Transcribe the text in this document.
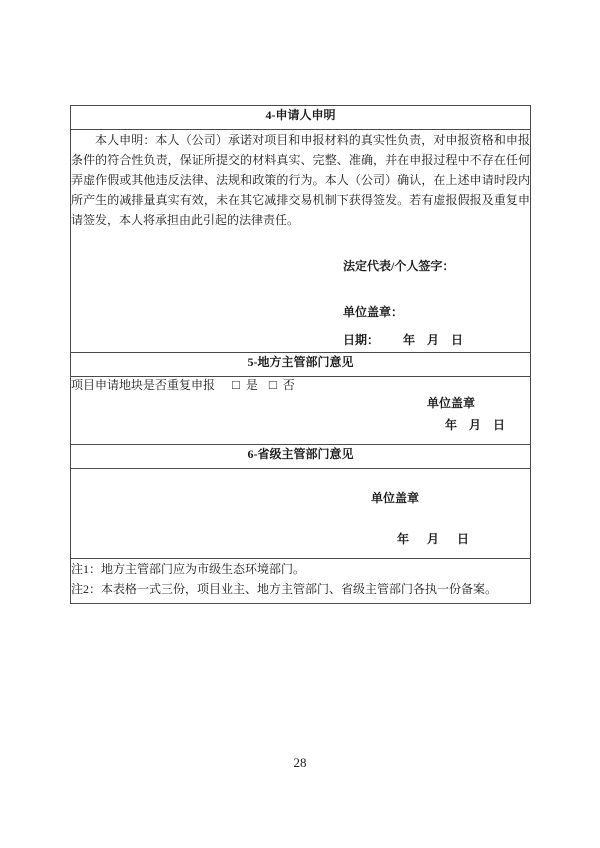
4-申请人申明

本人申明：本人（公司）承诺对项目和申报材料的真实性负责，对申报资格和申报条件的符合性负责，保证所提交的材料真实、完整、准确，并在申报过程中不存在任何弄虚作假或其他违反法律、法规和政策的行为。本人（公司）确认，在上述申请时段内所产生的减排量真实有效，未在其它减排交易机制下获得签发。若有虚报假报及重复申请签发，本人将承担由此引起的法律责任。

法定代表/个人签字：
单位盖章：
日期：        年    月    日

5-地方主管部门意见

项目申请地块是否重复申报 □ 是 □ 否
单位盖章
年    月    日

6-省级主管部门意见

单位盖章
年      月      日

注1：地方主管部门应为市级生态环境部门。
注2：本表格一式三份，项目业主、地方主管部门、省级主管部门各执一份备案。
28
